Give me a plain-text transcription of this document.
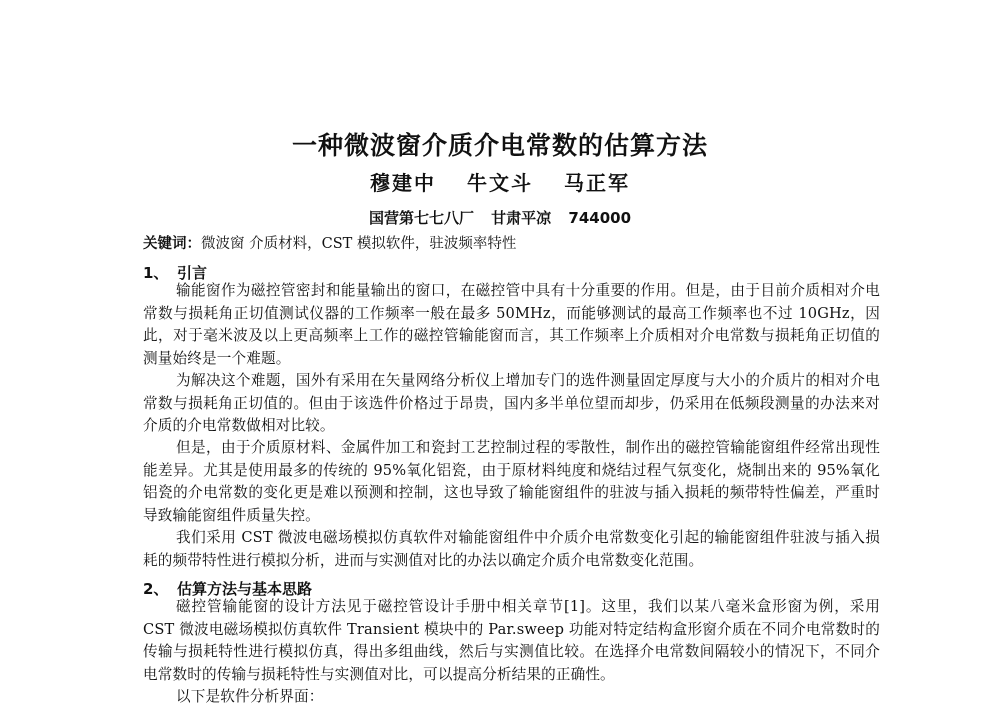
一种微波窗介质介电常数的估算方法
穆建中 牛文斗 马正军
国营第七七八厂 甘肃平凉 744000
关键词：微波窗 介质材料，CST 模拟软件，驻波频率特性
1、 引言

输能窗作为磁控管密封和能量输出的窗口，在磁控管中具有十分重要的作用。但是，由于目前介质相对介电常数与损耗角正切值测试仪器的工作频率一般在最多 50MHz，而能够测试的最高工作频率也不过 10GHz，因此，对于毫米波及以上更高频率上工作的磁控管输能窗而言，其工作频率上介质相对介电常数与损耗角正切值的测量始终是一个难题。

为解决这个难题，国外有采用在矢量网络分析仪上增加专门的选件测量固定厚度与大小的介质片的相对介电常数与损耗角正切值的。但由于该选件价格过于昂贵，国内多半单位望而却步，仍采用在低频段测量的办法来对介质的介电常数做相对比较。

但是，由于介质原材料、金属件加工和瓷封工艺控制过程的零散性，制作出的磁控管输能窗组件经常出现性能差异。尤其是使用最多的传统的 95%氧化铝瓷，由于原材料纯度和烧结过程气氛变化，烧制出来的 95%氧化铝瓷的介电常数的变化更是难以预测和控制，这也导致了输能窗组件的驻波与插入损耗的频带特性偏差，严重时导致输能窗组件质量失控。

我们采用 CST 微波电磁场模拟仿真软件对输能窗组件中介质介电常数变化引起的输能窗组件驻波与插入损耗的频带特性进行模拟分析，进而与实测值对比的办法以确定介质介电常数变化范围。

2、 估算方法与基本思路

磁控管输能窗的设计方法见于磁控管设计手册中相关章节[1]。这里，我们以某八毫米盒形窗为例，采用 CST 微波电磁场模拟仿真软件 Transient 模块中的 Par.sweep 功能对特定结构盒形窗介质在不同介电常数时的传输与损耗特性进行模拟仿真，得出多组曲线，然后与实测值比较。在选择介电常数间隔较小的情况下，不同介电常数时的传输与损耗特性与实测值对比，可以提高分析结果的正确性。

以下是软件分析界面：
